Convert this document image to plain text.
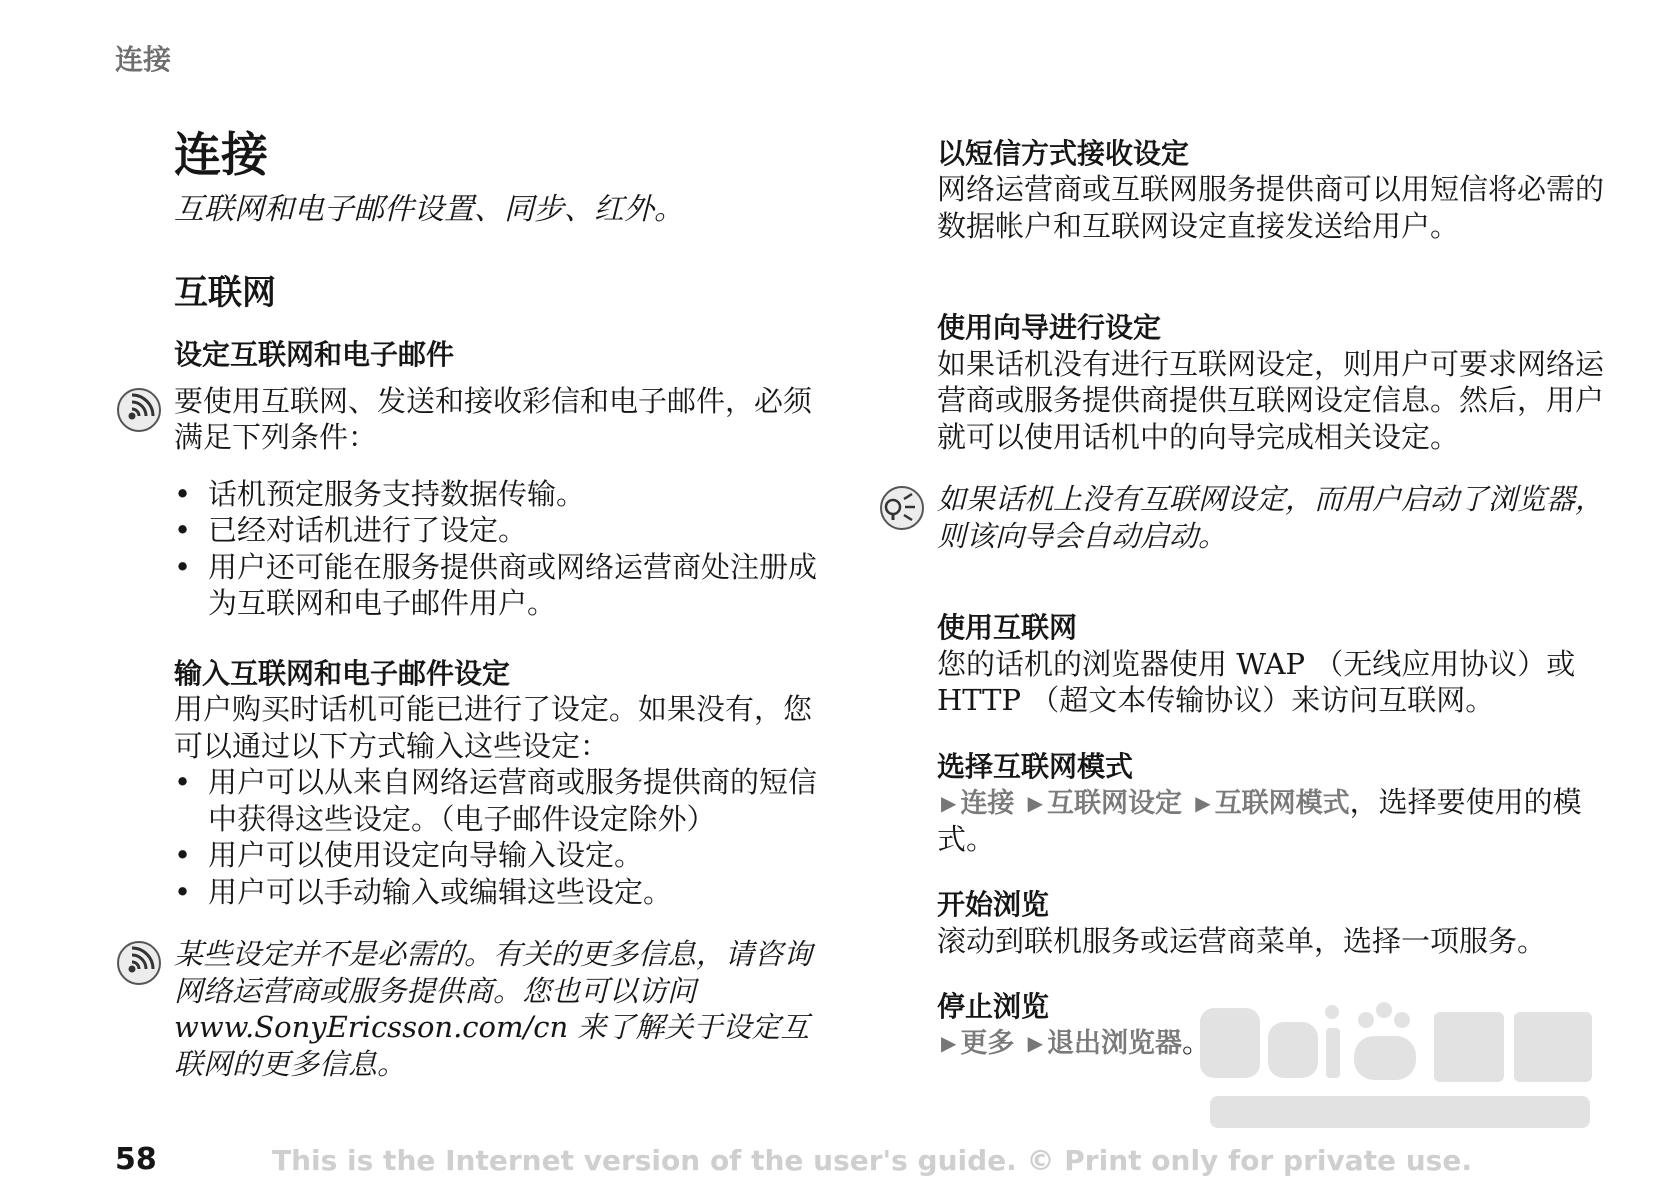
连接
连接

互联网和电子邮件设置、同步、红外。

互联网
设定互联网和电子邮件

要使用互联网、发送和接收彩信和电子邮件，必须满足下列条件：

• 话机预定服务支持数据传输。
• 已经对话机进行了设定。
• 用户还可能在服务提供商或网络运营商处注册成为互联网和电子邮件用户。
输入互联网和电子邮件设定

用户购买时话机可能已进行了设定。如果没有，您可以通过以下方式输入这些设定：

• 用户可以从来自网络运营商或服务提供商的短信中获得这些设定。（电子邮件设定除外）
• 用户可以使用设定向导输入设定。
• 用户可以手动输入或编辑这些设定。

某些设定并不是必需的。有关的更多信息，请咨询网络运营商或服务提供商。您也可以访问 www.SonyEricsson.com/cn 来了解关于设定互联网的更多信息。

以短信方式接收设定

网络运营商或互联网服务提供商可以用短信将必需的数据帐户和互联网设定直接发送给用户。

使用向导进行设定

如果话机没有进行互联网设定，则用户可要求网络运营商或服务提供商提供互联网设定信息。然后，用户就可以使用话机中的向导完成相关设定。

如果话机上没有互联网设定，而用户启动了浏览器，则该向导会自动启动。

使用互联网

您的话机的浏览器使用 WAP （无线应用协议）或 HTTP （超文本传输协议）来访问互联网。

选择互联网模式

▶ 连接 ▶ 互联网设定 ▶ 互联网模式，选择要使用的模式。

开始浏览

滚动到联机服务或运营商菜单，选择一项服务。

停止浏览

▶ 更多 ▶ 退出浏览器。

58	This is the Internet version of the user's guide. © Print only for private use.
